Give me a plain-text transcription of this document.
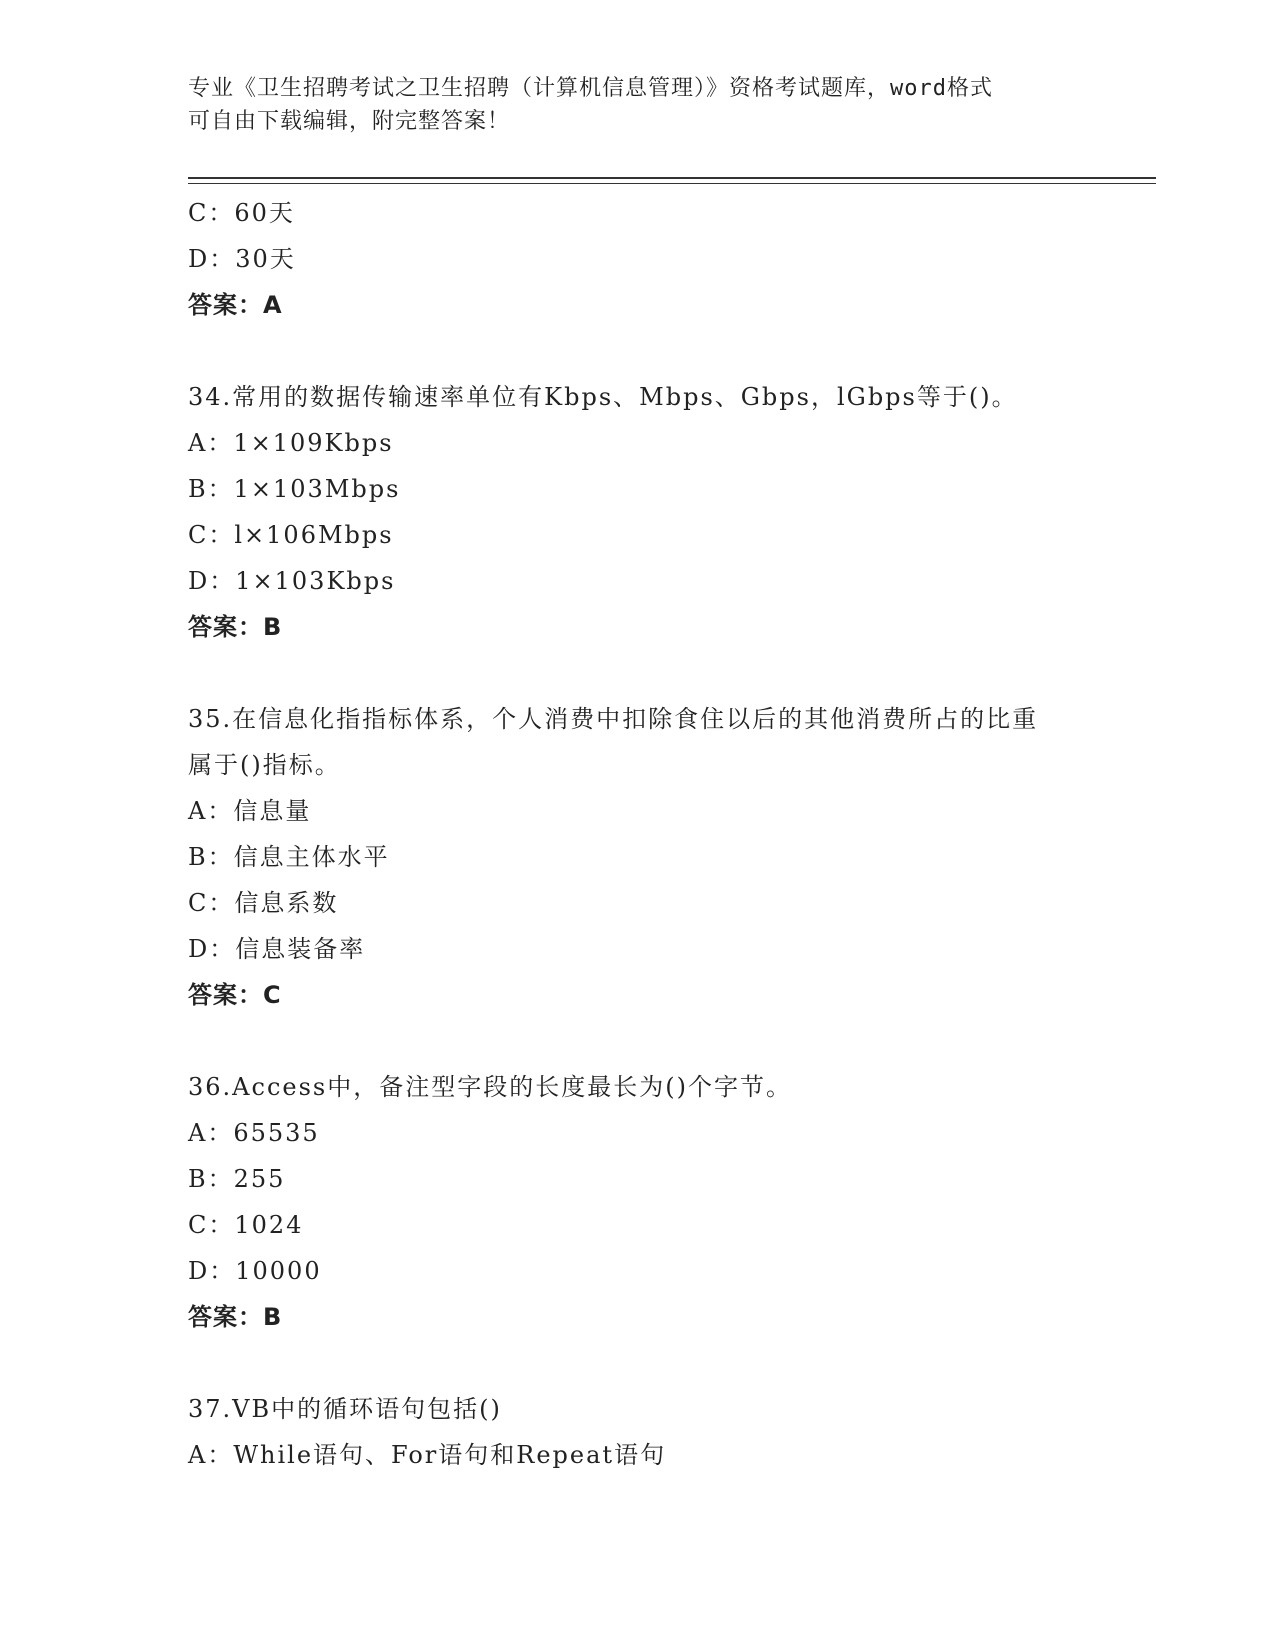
专业《卫生招聘考试之卫生招聘（计算机信息管理）》资格考试题库，word格式
可自由下载编辑，附完整答案！
C：60天
D：30天
答案：A
34.常用的数据传输速率单位有Kbps、Mbps、Gbps，lGbps等于()。
A：1×109Kbps
B：1×103Mbps
C：l×106Mbps
D：1×103Kbps
答案：B
35.在信息化指指标体系，个人消费中扣除食住以后的其他消费所占的比重属于()指标。
A：信息量
B：信息主体水平
C：信息系数
D：信息装备率
答案：C
36.Access中，备注型字段的长度最长为()个字节。
A：65535
B：255
C：1024
D：10000
答案：B
37.VB中的循环语句包括()
A：While语句、For语句和Repeat语句
